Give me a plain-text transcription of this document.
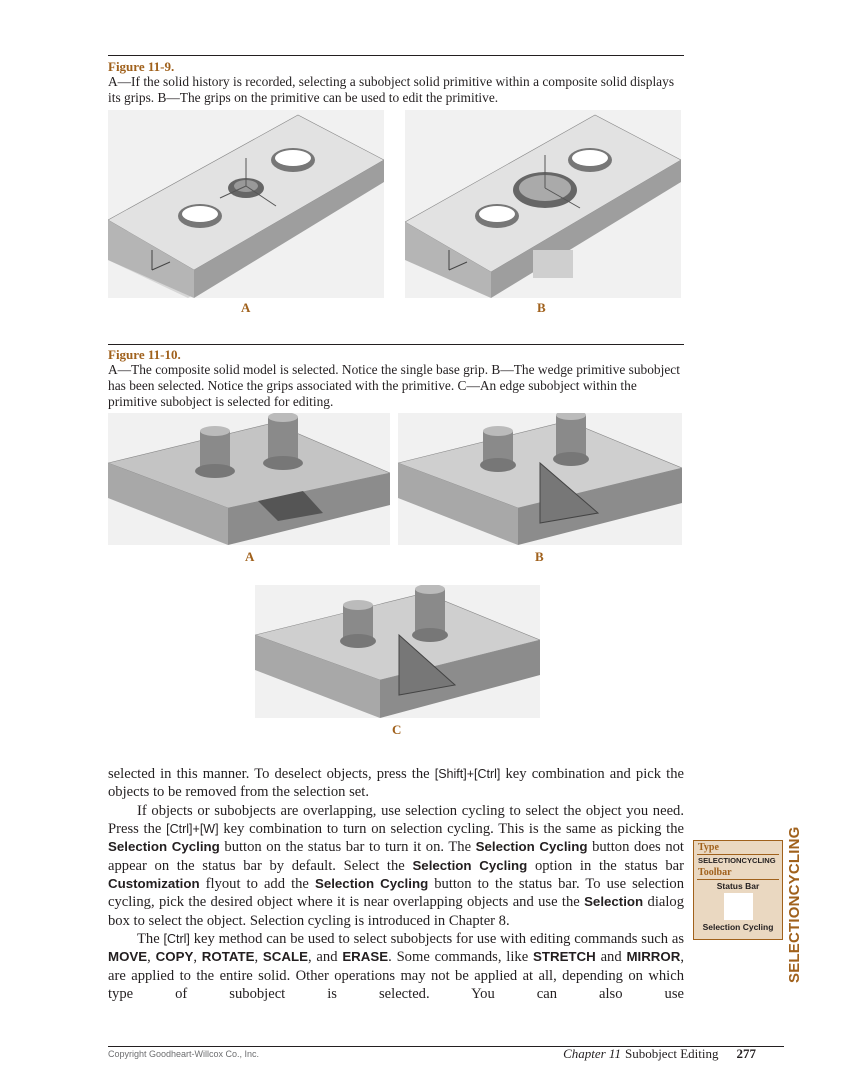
Figure 11-9.
A—If the solid history is recorded, selecting a subobject solid primitive within a composite solid displays its grips. B—The grips on the primitive can be used to edit the primitive.
A	B
Figure 11-10.
A—The composite solid model is selected. Notice the single base grip. B—The wedge primitive subobject has been selected. Notice the grips associated with the primitive. C—An edge subobject within the primitive subobject is selected for editing.
A	B
C

selected in this manner. To deselect objects, press the [Shift]+[Ctrl] key combination and pick the objects to be removed from the selection set.

If objects or subobjects are overlapping, use selection cycling to select the object you need. Press the [Ctrl]+[W] key combination to turn on selection cycling. This is the same as picking the Selection Cycling button on the status bar to turn it on. The Selection Cycling button does not appear on the status bar by default. Select the Selection Cycling option in the status bar Customization flyout to add the Selection Cycling button to the status bar. To use selection cycling, pick the desired object where it is near overlapping objects and use the Selection dialog box to select the object. Selection cycling is introduced in Chapter 8.

The [Ctrl] key method can be used to select subobjects for use with editing commands such as MOVE, COPY, ROTATE, SCALE, and ERASE. Some commands, like STRETCH and MIRROR, are applied to the entire solid. Other operations may not be applied at all, depending on which type of subobject is selected. You can also use

Type
SELECTIONCYCLING
Toolbar
Status Bar
Selection Cycling SELECTIONCYCLING
Copyright Goodheart-Willcox Co., Inc.	Chapter 11 Subobject Editing 277
